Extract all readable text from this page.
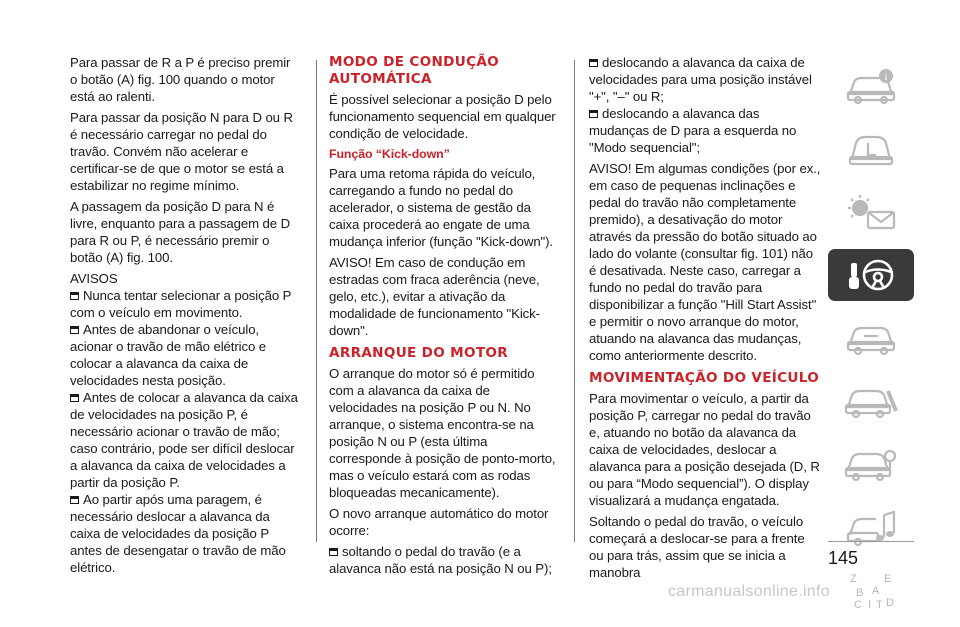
Para passar de R a P é preciso premir o botão (A) fig. 100 quando o motor está ao ralenti.

Para passar da posição N para D ou R é necessário carregar no pedal do travão. Convém não acelerar e certificar-se de que o motor se está a estabilizar no regime mínimo.

A passagem da posição D para N é livre, enquanto para a passagem de D para R ou P, é necessário premir o botão (A) fig. 100.

AVISOS

Nunca tentar selecionar a posição P com o veículo em movimento.

Antes de abandonar o veículo, acionar o travão de mão elétrico e colocar a alavanca da caixa de velocidades nesta posição.

Antes de colocar a alavanca da caixa de velocidades na posição P, é necessário acionar o travão de mão; caso contrário, pode ser difícil deslocar a alavanca da caixa de velocidades a partir da posição P.

Ao partir após uma paragem, é necessário deslocar a alavanca da caixa de velocidades da posição P antes de desengatar o travão de mão elétrico.

MODO DE CONDUÇÃO AUTOMÁTICA

É possível selecionar a posição D pelo funcionamento sequencial em qualquer condição de velocidade.

Função “Kick-down”

Para uma retoma rápida do veículo, carregando a fundo no pedal do acelerador, o sistema de gestão da caixa procederá ao engate de uma mudança inferior (função "Kick-down").

AVISO! Em caso de condução em estradas com fraca aderência (neve, gelo, etc.), evitar a ativação da modalidade de funcionamento "Kick-down".

ARRANQUE DO MOTOR

O arranque do motor só é permitido com a alavanca da caixa de velocidades na posição P ou N. No arranque, o sistema encontra-se na posição N ou P (esta última corresponde à posição de ponto-morto, mas o veículo estará com as rodas bloqueadas mecanicamente).

O novo arranque automático do motor ocorre:

soltando o pedal do travão (e a alavanca não está na posição N ou P);

deslocando a alavanca da caixa de velocidades para uma posição instável "+", "–" ou R;

deslocando a alavanca das mudanças de D para a esquerda no "Modo sequencial";

AVISO! Em algumas condições (por ex., em caso de pequenas inclinações e pedal do travão não completamente premido), a desativação do motor através da pressão do botão situado ao lado do volante (consultar fig. 101) não é desativada. Neste caso, carregar a fundo no pedal do travão para disponibilizar a função "Hill Start Assist" e permitir o novo arranque do motor, atuando na alavanca das mudanças, como anteriormente descrito.

MOVIMENTAÇÃO DO VEÍCULO

Para movimentar o veículo, a partir da posição P, carregar no pedal do travão e, atuando no botão da alavanca da caixa de velocidades, deslocar a alavanca para a posição desejada (D, R ou para “Modo sequencial”). O display visualizará a mudança engatada.

Soltando o pedal do travão, o veículo começará a deslocar-se para a frente ou para trás, assim que se inicia a manobra

i
Z E
A
B
C D
I T
145
carmanualsonline.info
